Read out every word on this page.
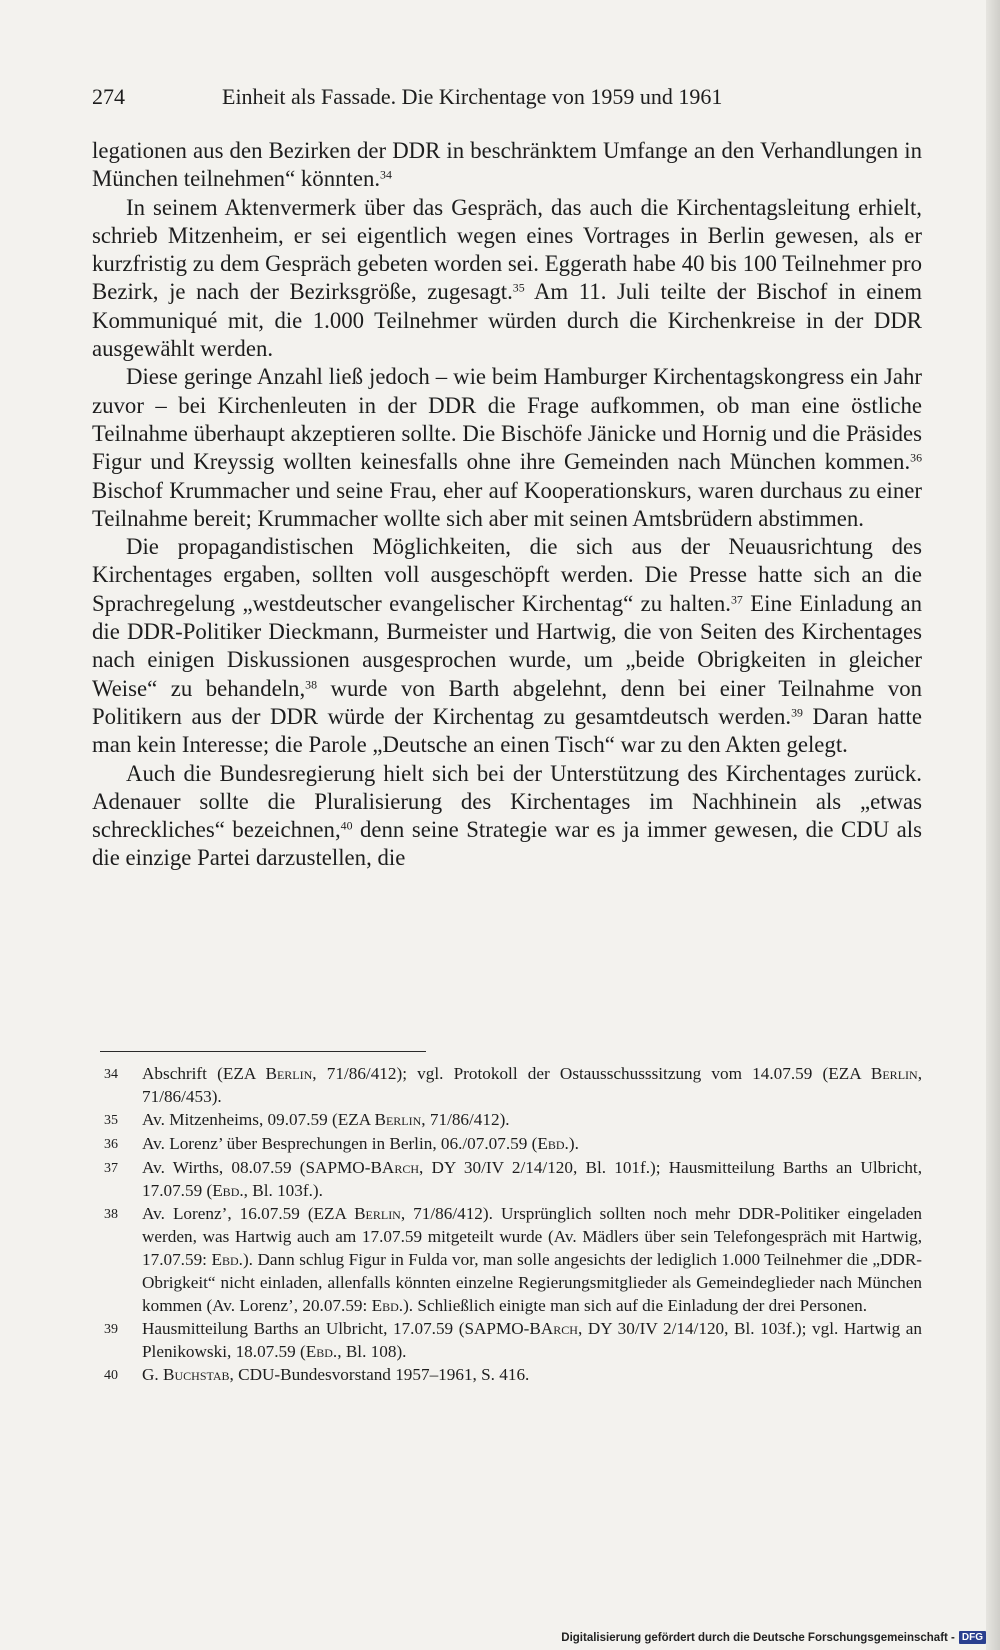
274	Einheit als Fassade. Die Kirchentage von 1959 und 1961

legationen aus den Bezirken der DDR in beschränktem Umfange an den Verhandlungen in München teilnehmen“ könnten.$^{34}$

In seinem Aktenvermerk über das Gespräch, das auch die Kirchentagsleitung erhielt, schrieb Mitzenheim, er sei eigentlich wegen eines Vortrages in Berlin gewesen, als er kurzfristig zu dem Gespräch gebeten worden sei. Eggerath habe 40 bis 100 Teilnehmer pro Bezirk, je nach der Bezirksgröße, zugesagt.$^{35}$ Am 11. Juli teilte der Bischof in einem Kommuniqué mit, die 1.000 Teilnehmer würden durch die Kirchenkreise in der DDR ausgewählt werden.

Diese geringe Anzahl ließ jedoch – wie beim Hamburger Kirchentagskongress ein Jahr zuvor – bei Kirchenleuten in der DDR die Frage aufkommen, ob man eine östliche Teilnahme überhaupt akzeptieren sollte. Die Bischöfe Jänicke und Hornig und die Präsides Figur und Kreyssig wollten keinesfalls ohne ihre Gemeinden nach München kommen.$^{36}$ Bischof Krummacher und seine Frau, eher auf Kooperationskurs, waren durchaus zu einer Teilnahme bereit; Krummacher wollte sich aber mit seinen Amtsbrüdern abstimmen.

Die propagandistischen Möglichkeiten, die sich aus der Neuausrichtung des Kirchentages ergaben, sollten voll ausgeschöpft werden. Die Presse hatte sich an die Sprachregelung „westdeutscher evangelischer Kirchentag“ zu halten.$^{37}$ Eine Einladung an die DDR-Politiker Dieckmann, Burmeister und Hartwig, die von Seiten des Kirchentages nach einigen Diskussionen ausgesprochen wurde, um „beide Obrigkeiten in gleicher Weise“ zu behandeln,$^{38}$ wurde von Barth abgelehnt, denn bei einer Teilnahme von Politikern aus der DDR würde der Kirchentag zu gesamtdeutsch werden.$^{39}$ Daran hatte man kein Interesse; die Parole „Deutsche an einen Tisch“ war zu den Akten gelegt.

Auch die Bundesregierung hielt sich bei der Unterstützung des Kirchentages zurück. Adenauer sollte die Pluralisierung des Kirchentages im Nachhinein als „etwas schreckliches“ bezeichnen,$^{40}$ denn seine Strategie war es ja immer gewesen, die CDU als die einzige Partei darzustellen, die

34	Abschrift (EZA Berlin, 71/86/412); vgl. Protokoll der Ostausschusssitzung vom 14.07.59 (EZA Berlin, 71/86/453).
35	Av. Mitzenheims, 09.07.59 (EZA Berlin, 71/86/412).
36	Av. Lorenz’ über Besprechungen in Berlin, 06./07.07.59 (Ebd.).
37	Av. Wirths, 08.07.59 (SAPMO-BArch, DY 30/IV 2/14/120, Bl. 101f.); Hausmitteilung Barths an Ulbricht, 17.07.59 (Ebd., Bl. 103f.).
38	Av. Lorenz’, 16.07.59 (EZA Berlin, 71/86/412). Ursprünglich sollten noch mehr DDR-Politiker eingeladen werden, was Hartwig auch am 17.07.59 mitgeteilt wurde (Av. Mädlers über sein Telefongespräch mit Hartwig, 17.07.59: Ebd.). Dann schlug Figur in Fulda vor, man solle angesichts der lediglich 1.000 Teilnehmer die „DDR-Obrigkeit“ nicht einladen, allenfalls könnten einzelne Regierungsmitglieder als Gemeindeglieder nach München kommen (Av. Lorenz’, 20.07.59: Ebd.). Schließlich einigte man sich auf die Einladung der drei Personen.
39	Hausmitteilung Barths an Ulbricht, 17.07.59 (SAPMO-BArch, DY 30/IV 2/14/120, Bl. 103f.); vgl. Hartwig an Plenikowski, 18.07.59 (Ebd., Bl. 108).
40	G. Buchstab, CDU-Bundesvorstand 1957–1961, S. 416.
Digitalisierung gefördert durch die Deutsche Forschungsgemeinschaft - DFG
